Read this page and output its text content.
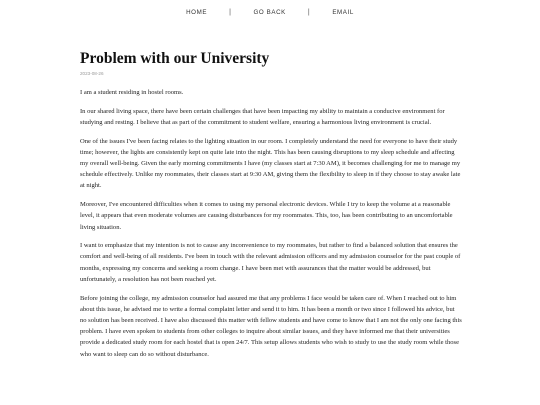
HOME	|	GO BACK	|	EMAIL
Problem with our University
2023-08-26

I am a student residing in hostel rooms.

In our shared living space, there have been certain challenges that have been impacting my ability to maintain a conducive environment for studying and resting. I believe that as part of the commitment to student welfare, ensuring a harmonious living environment is crucial.

One of the issues I've been facing relates to the lighting situation in our room. I completely understand the need for everyone to have their study time; however, the lights are consistently kept on quite late into the night. This has been causing disruptions to my sleep schedule and affecting my overall well-being. Given the early morning commitments I have (my classes start at 7:30 AM), it becomes challenging for me to manage my schedule effectively. Unlike my roommates, their classes start at 9:30 AM, giving them the flexibility to sleep in if they choose to stay awake late at night.

Moreover, I've encountered difficulties when it comes to using my personal electronic devices. While I try to keep the volume at a reasonable level, it appears that even moderate volumes are causing disturbances for my roommates. This, too, has been contributing to an uncomfortable living situation.

I want to emphasize that my intention is not to cause any inconvenience to my roommates, but rather to find a balanced solution that ensures the comfort and well-being of all residents. I've been in touch with the relevant admission officers and my admission counselor for the past couple of months, expressing my concerns and seeking a room change. I have been met with assurances that the matter would be addressed, but unfortunately, a resolution has not been reached yet.

Before joining the college, my admission counselor had assured me that any problems I face would be taken care of. When I reached out to him about this issue, he advised me to write a formal complaint letter and send it to him. It has been a month or two since I followed his advice, but no solution has been received. I have also discussed this matter with fellow students and have come to know that I am not the only one facing this problem. I have even spoken to students from other colleges to inquire about similar issues, and they have informed me that their universities provide a dedicated study room for each hostel that is open 24/7. This setup allows students who wish to study to use the study room while those who want to sleep can do so without disturbance.
